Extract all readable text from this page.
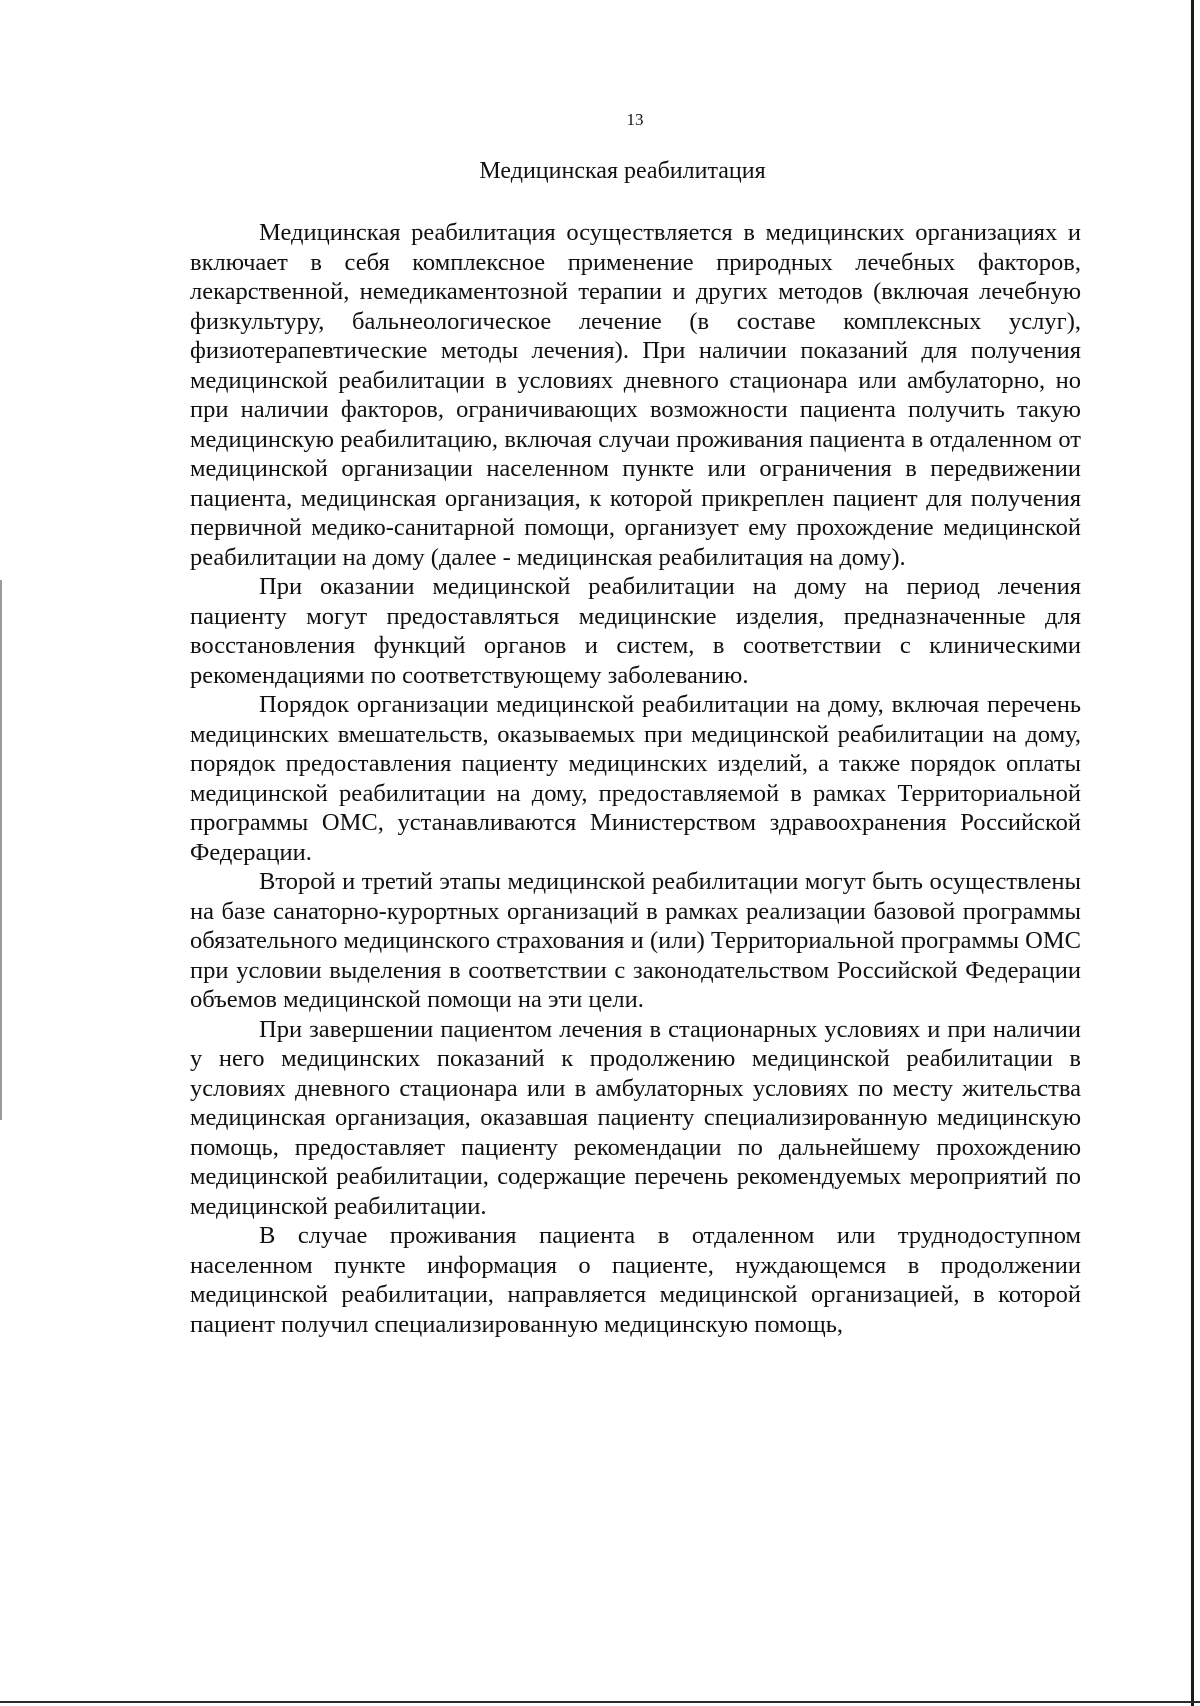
13
Медицинская реабилитация

Медицинская реабилитация осуществляется в медицинских организациях и включает в себя комплексное применение природных лечебных факторов, лекарственной, немедикаментозной терапии и других методов (включая лечебную физкультуру, бальнеологическое лечение (в составе комплексных услуг), физиотерапевтические методы лечения). При наличии показаний для получения медицинской реабилитации в условиях дневного стационара или амбулаторно, но при наличии факторов, ограничивающих возможности пациента получить такую медицинскую реабилитацию, включая случаи проживания пациента в отдаленном от медицинской организации населенном пункте или ограничения в передвижении пациента, медицинская организация, к которой прикреплен пациент для получения первичной медико-санитарной помощи, организует ему прохождение медицинской реабилитации на дому (далее - медицинская реабилитация на дому).

При оказании медицинской реабилитации на дому на период лечения пациенту могут предоставляться медицинские изделия, предназначенные для восстановления функций органов и систем, в соответствии с клиническими рекомендациями по соответствующему заболеванию.

Порядок организации медицинской реабилитации на дому, включая перечень медицинских вмешательств, оказываемых при медицинской реабилитации на дому, порядок предоставления пациенту медицинских изделий, а также порядок оплаты медицинской реабилитации на дому, предоставляемой в рамках Территориальной программы ОМС, устанавливаются Министерством здравоохранения Российской Федерации.

Второй и третий этапы медицинской реабилитации могут быть осуществлены на базе санаторно-курортных организаций в рамках реализации базовой программы обязательного медицинского страхования и (или) Территориальной программы ОМС при условии выделения в соответствии с законодательством Российской Федерации объемов медицинской помощи на эти цели.

При завершении пациентом лечения в стационарных условиях и при наличии у него медицинских показаний к продолжению медицинской реабилитации в условиях дневного стационара или в амбулаторных условиях по месту жительства медицинская организация, оказавшая пациенту специализированную медицинскую помощь, предоставляет пациенту рекомендации по дальнейшему прохождению медицинской реабилитации, содержащие перечень рекомендуемых мероприятий по медицинской реабилитации.

В случае проживания пациента в отдаленном или труднодоступном населенном пункте информация о пациенте, нуждающемся в продолжении медицинской реабилитации, направляется медицинской организацией, в которой пациент получил специализированную медицинскую помощь,
